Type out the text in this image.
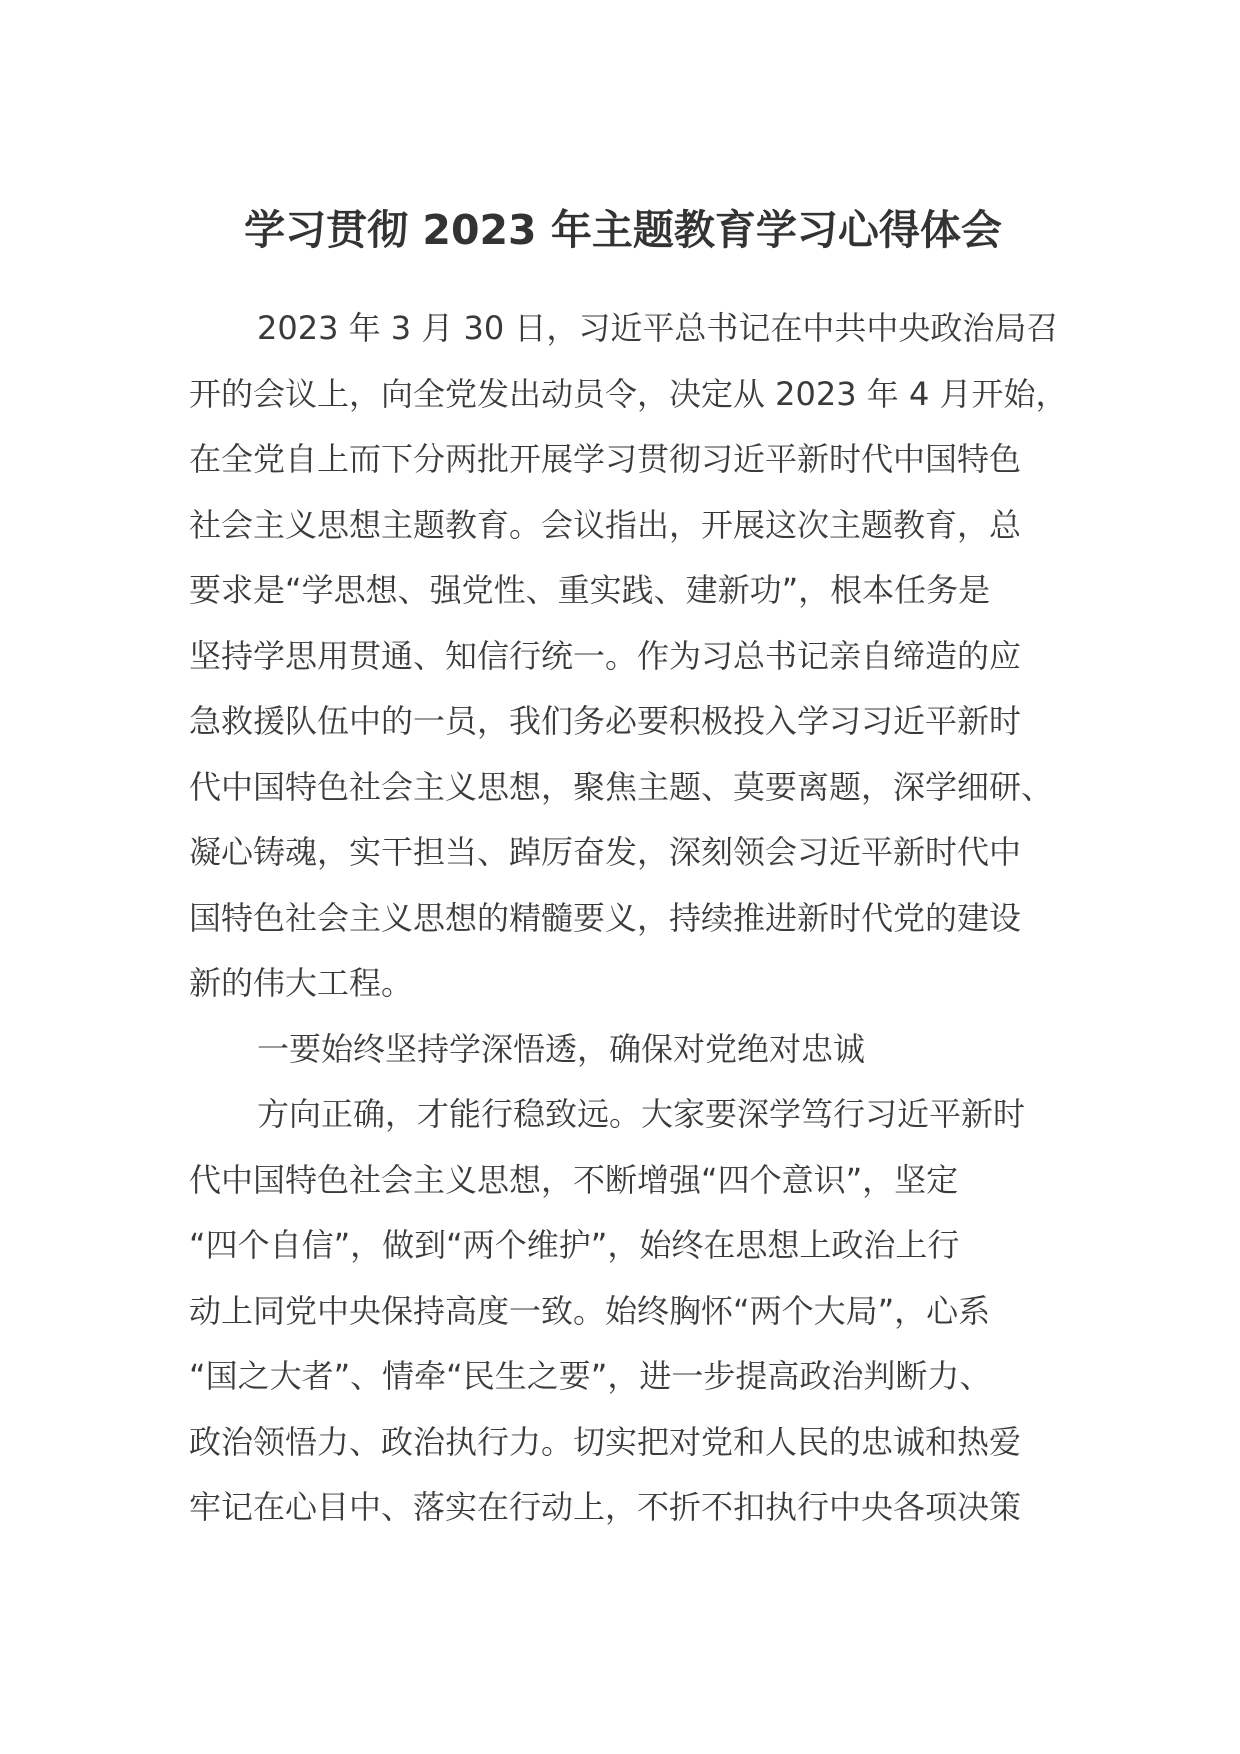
学习贯彻 2023 年主题教育学习心得体会
2023 年 3 月 30 日，习近平总书记在中共中央政治局召
开的会议上，向全党发出动员令，决定从 2023 年 4 月开始，
在全党自上而下分两批开展学习贯彻习近平新时代中国特色
社会主义思想主题教育。会议指出，开展这次主题教育，总
要求是“学思想、强党性、重实践、建新功”，根本任务是
坚持学思用贯通、知信行统一。作为习总书记亲自缔造的应
急救援队伍中的一员，我们务必要积极投入学习习近平新时
代中国特色社会主义思想，聚焦主题、莫要离题，深学细研、
凝心铸魂，实干担当、踔厉奋发，深刻领会习近平新时代中
国特色社会主义思想的精髓要义，持续推进新时代党的建设
新的伟大工程。
一要始终坚持学深悟透，确保对党绝对忠诚
方向正确，才能行稳致远。大家要深学笃行习近平新时
代中国特色社会主义思想，不断增强“四个意识”，坚定
“四个自信”，做到“两个维护”，始终在思想上政治上行
动上同党中央保持高度一致。始终胸怀“两个大局”，心系
“国之大者”、情牵“民生之要”，进一步提高政治判断力、
政治领悟力、政治执行力。切实把对党和人民的忠诚和热爱
牢记在心目中、落实在行动上，不折不扣执行中央各项决策
